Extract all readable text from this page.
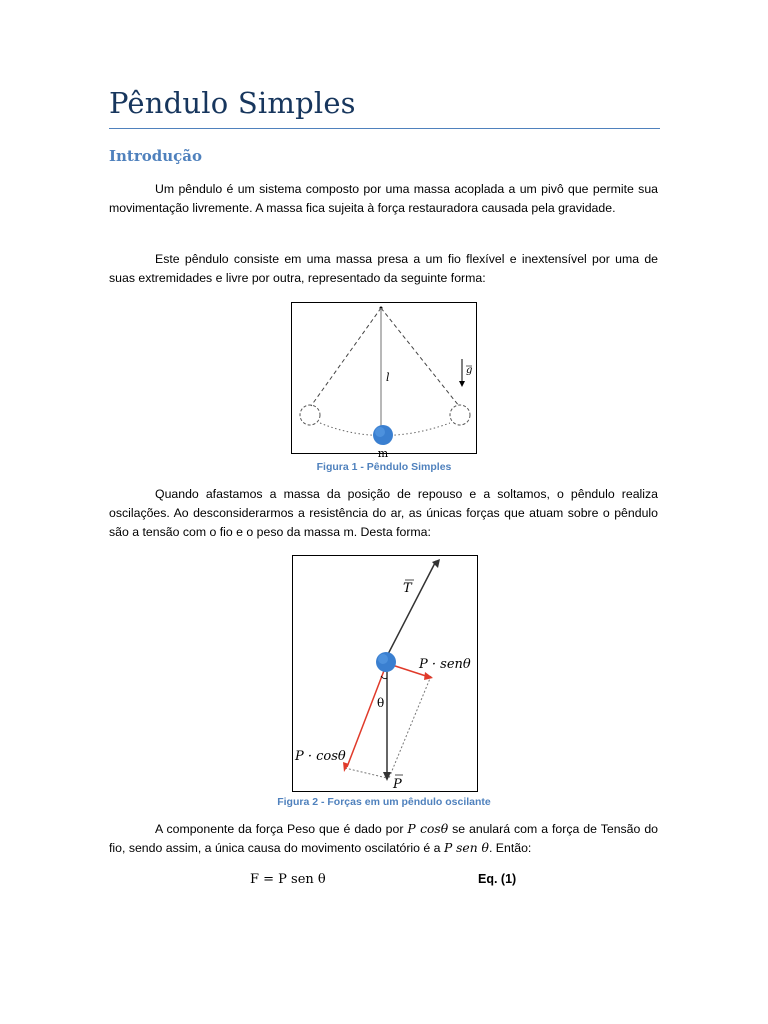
Pêndulo Simples
Introdução
Um pêndulo é um sistema composto por uma massa acoplada a um pivô que permite sua movimentação livremente. A massa fica sujeita à força restauradora causada pela gravidade.
Este pêndulo consiste em uma massa presa a um fio flexível e inextensível por uma de suas extremidades e livre por outra, representado da seguinte forma:
g
l
m
Figura 1 - Pêndulo Simples
Quando afastamos a massa da posição de repouso e a soltamos, o pêndulo realiza oscilações. Ao desconsiderarmos a resistência do ar, as únicas forças que atuam sobre o pêndulo são a tensão com o fio e o peso da massa m. Desta forma:
T
θ
P · senθ
P · cosθ
P
Figura 2 - Forças em um pêndulo oscilante
A componente da força Peso que é dado por P cosθ se anulará com a força de Tensão do fio, sendo assim, a única causa do movimento oscilatório é a P sen θ. Então:
F = P sen θ	Eq. (1)
